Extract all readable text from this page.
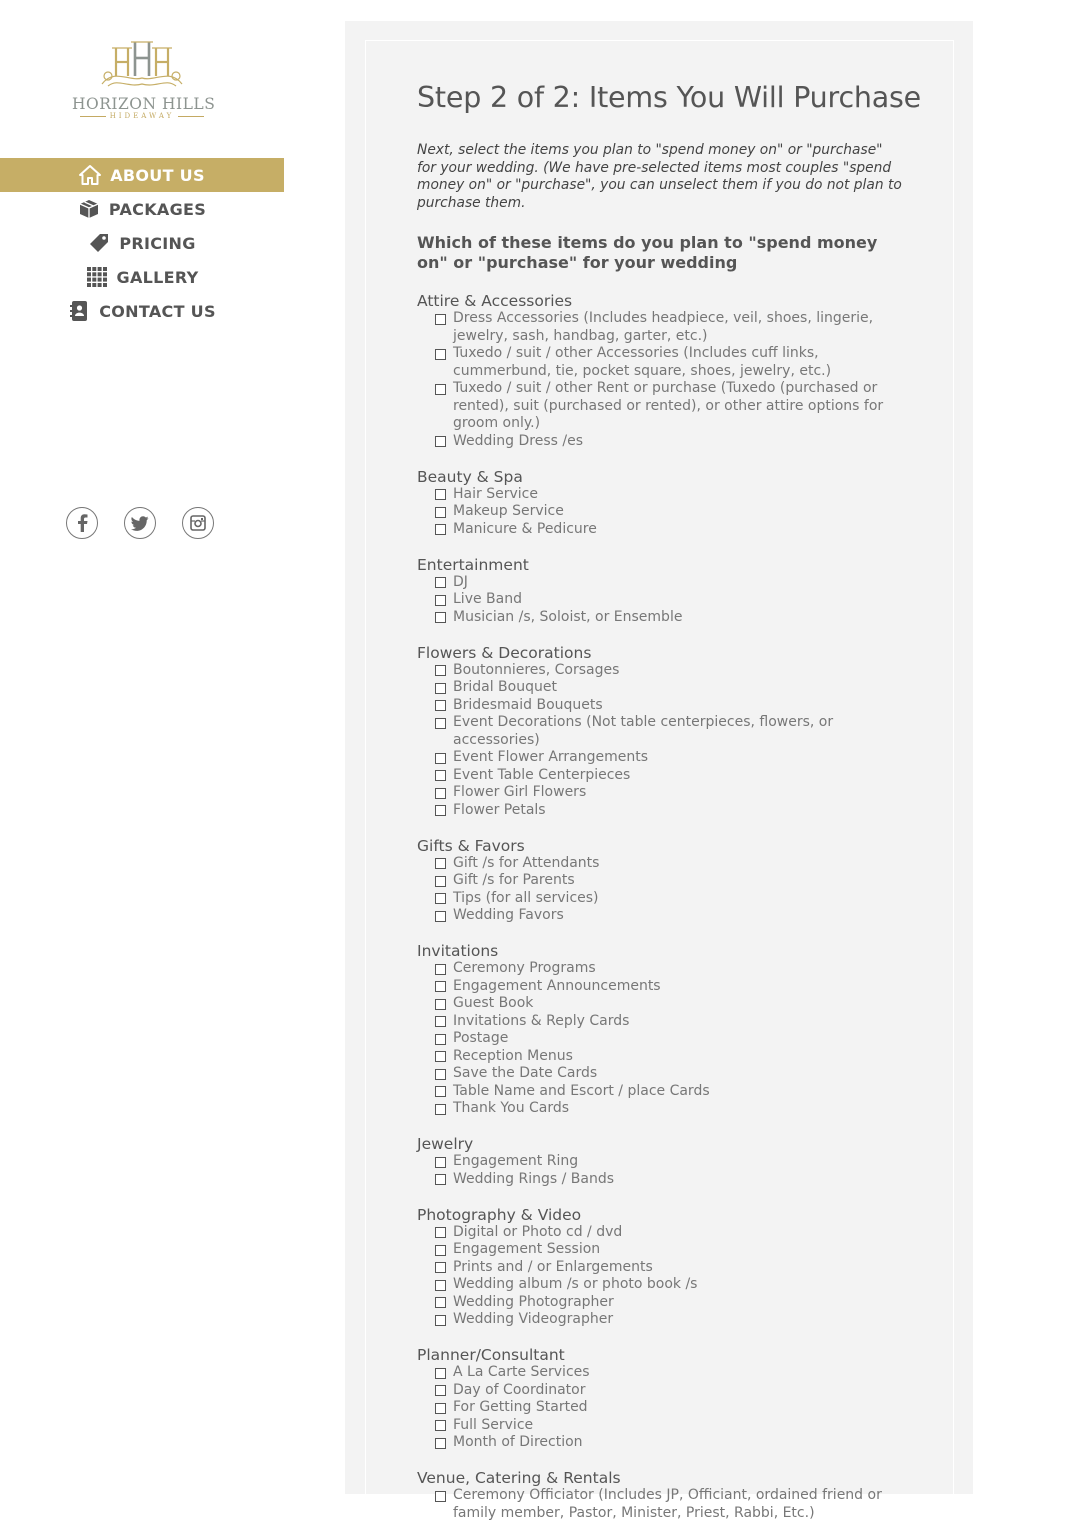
HORIZON HILLS
HIDEAWAY
ABOUT US
PACKAGES
PRICING
GALLERY
CONTACT US
Step 2 of 2: Items You Will Purchase

Next, select the items you plan to "spend money on" or "purchase" for your wedding. (We have pre-selected items most couples "spend money on" or "purchase", you can unselect them if you do not plan to purchase them.

Which of these items do you plan to "spend money on" or "purchase" for your wedding
Attire & Accessories
Dress Accessories (Includes headpiece, veil, shoes, lingerie, jewelry, sash, handbag, garter, etc.)
Tuxedo / suit / other Accessories (Includes cuff links, cummerbund, tie, pocket square, shoes, jewelry, etc.)
Tuxedo / suit / other Rent or purchase (Tuxedo (purchased or rented), suit (purchased or rented), or other attire options for groom only.)
Wedding Dress /es
Beauty & Spa
Hair Service
Makeup Service
Manicure & Pedicure
Entertainment
DJ
Live Band
Musician /s, Soloist, or Ensemble
Flowers & Decorations
Boutonnieres, Corsages
Bridal Bouquet
Bridesmaid Bouquets
Event Decorations (Not table centerpieces, flowers, or accessories)
Event Flower Arrangements
Event Table Centerpieces
Flower Girl Flowers
Flower Petals
Gifts & Favors
Gift /s for Attendants
Gift /s for Parents
Tips (for all services)
Wedding Favors
Invitations
Ceremony Programs
Engagement Announcements
Guest Book
Invitations & Reply Cards
Postage
Reception Menus
Save the Date Cards
Table Name and Escort / place Cards
Thank You Cards
Jewelry
Engagement Ring
Wedding Rings / Bands
Photography & Video
Digital or Photo cd / dvd
Engagement Session
Prints and / or Enlargements
Wedding album /s or photo book /s
Wedding Photographer
Wedding Videographer
Planner/Consultant
A La Carte Services
Day of Coordinator
For Getting Started
Full Service
Month of Direction
Venue, Catering & Rentals
Ceremony Officiator (Includes JP, Officiant, ordained friend or family member, Pastor, Minister, Priest, Rabbi, Etc.)
